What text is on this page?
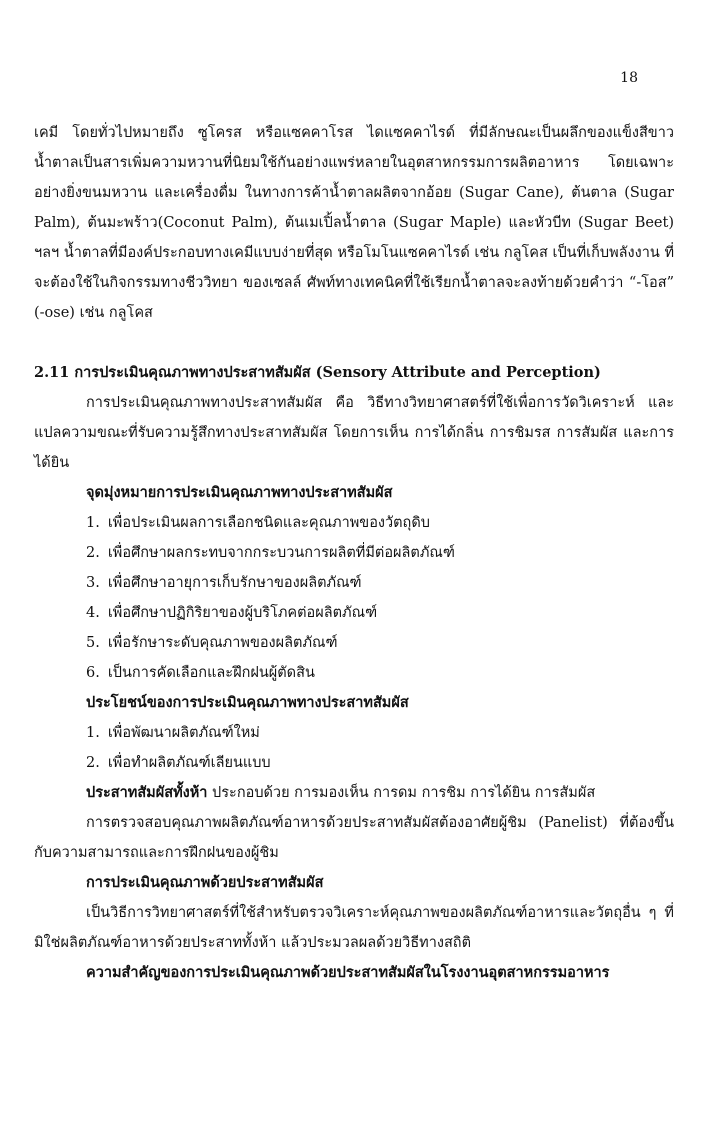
18

เคมี โดยทั่วไปหมายถึง ซูโครส หรือแซคคาโรส ไดแซคคาไรด์ ที่มีลักษณะเป็นผลึกของแข็งสีขาว น้ำตาลเป็นสารเพิ่มความหวานที่นิยมใช้กันอย่างแพร่หลายในอุตสาหกรรมการผลิตอาหาร โดยเฉพาะอย่างยิ่งขนมหวาน และเครื่องดื่ม ในทางการค้าน้ำตาลผลิตจากอ้อย (Sugar Cane), ต้นตาล (Sugar Palm), ต้นมะพร้าว(Coconut Palm), ต้นเมเปิ้ลน้ำตาล (Sugar Maple) และหัวบีท (Sugar Beet) ฯลฯ น้ำตาลที่มีองค์ประกอบทางเคมีแบบง่ายที่สุด หรือโมโนแซคคาไรด์ เช่น กลูโคส เป็นที่เก็บพลังงาน ที่จะต้องใช้ในกิจกรรมทางชีววิทยา ของเซลล์ ศัพท์ทางเทคนิคที่ใช้เรียกน้ำตาลจะลงท้ายด้วยคำว่า “-โอส” (-ose) เช่น กลูโคส

2.11 การประเมินคุณภาพทางประสาทสัมผัส (Sensory Attribute and Perception)

การประเมินคุณภาพทางประสาทสัมผัส คือ วิธีทางวิทยาศาสตร์ที่ใช้เพื่อการวัดวิเคราะห์ และแปลความขณะที่รับความรู้สึกทางประสาทสัมผัส โดยการเห็น การได้กลิ่น การชิมรส การสัมผัส และการได้ยิน

จุดมุ่งหมายการประเมินคุณภาพทางประสาทสัมผัส

1. เพื่อประเมินผลการเลือกชนิดและคุณภาพของวัตถุดิบ
2. เพื่อศึกษาผลกระทบจากกระบวนการผลิตที่มีต่อผลิตภัณฑ์
3. เพื่อศึกษาอายุการเก็บรักษาของผลิตภัณฑ์
4. เพื่อศึกษาปฏิกิริยาของผู้บริโภคต่อผลิตภัณฑ์
5. เพื่อรักษาระดับคุณภาพของผลิตภัณฑ์
6. เป็นการคัดเลือกและฝึกฝนผู้ตัดสิน

ประโยชน์ของการประเมินคุณภาพทางประสาทสัมผัส

1. เพื่อพัฒนาผลิตภัณฑ์ใหม่
2. เพื่อทำผลิตภัณฑ์เลียนแบบ

ประสาทสัมผัสทั้งห้า ประกอบด้วย การมองเห็น การดม การชิม การได้ยิน การสัมผัส

การตรวจสอบคุณภาพผลิตภัณฑ์อาหารด้วยประสาทสัมผัสต้องอาศัยผู้ชิม (Panelist) ที่ต้องขึ้นกับความสามารถและการฝึกฝนของผู้ชิม

การประเมินคุณภาพด้วยประสาทสัมผัส

เป็นวิธีการวิทยาศาสตร์ที่ใช้สำหรับตรวจวิเคราะห์คุณภาพของผลิตภัณฑ์อาหารและวัตถุอื่น ๆ ที่มิใช่ผลิตภัณฑ์อาหารด้วยประสาททั้งห้า แล้วประมวลผลด้วยวิธีทางสถิติ

ความสำคัญของการประเมินคุณภาพด้วยประสาทสัมผัสในโรงงานอุตสาหกรรมอาหาร
